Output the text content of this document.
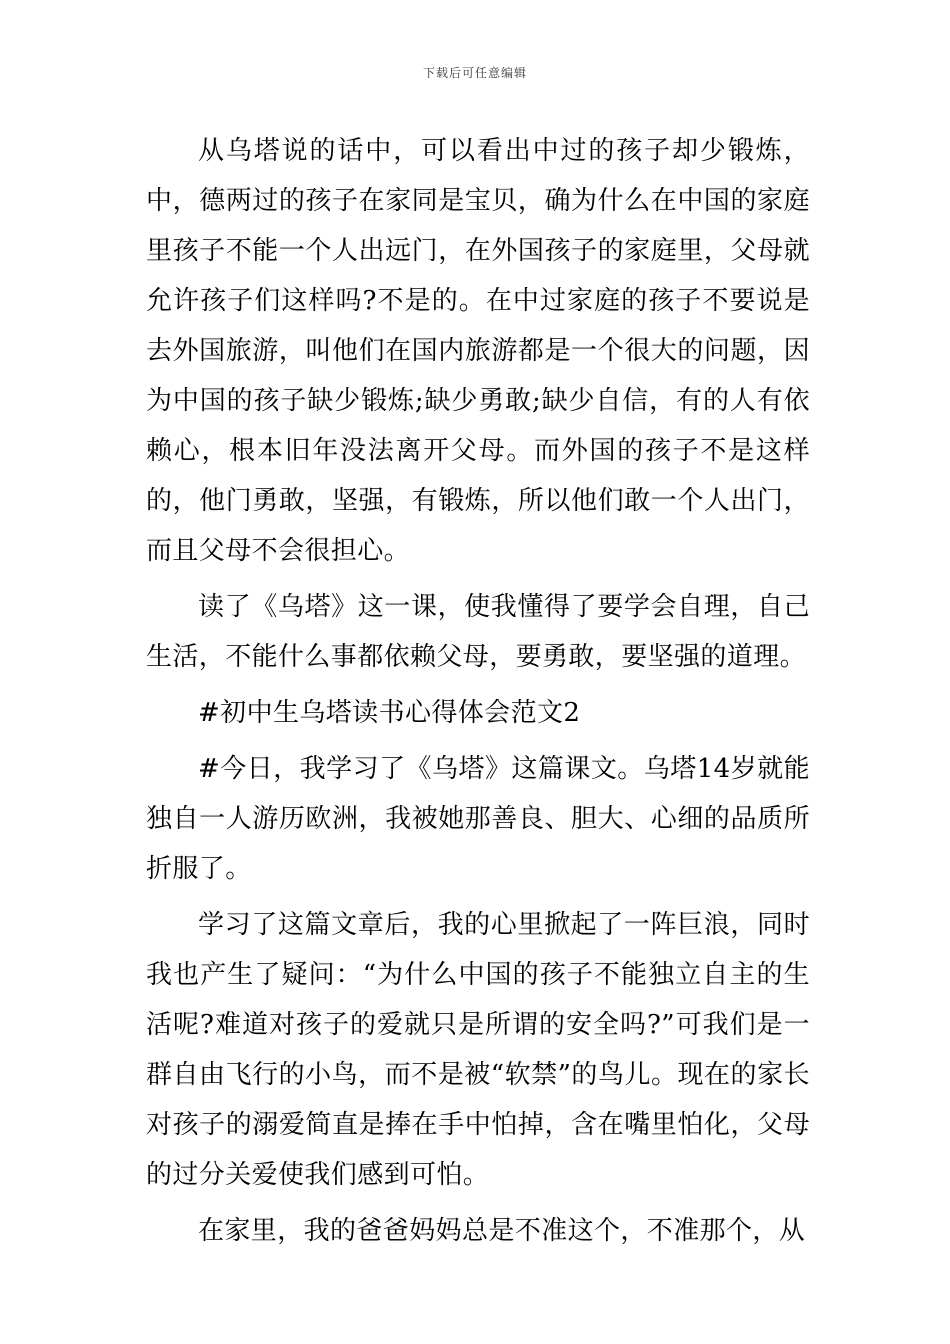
下载后可任意编辑

从乌塔说的话中，可以看出中过的孩子却少锻炼，中，德两过的孩子在家同是宝贝，确为什么在中国的家庭里孩子不能一个人出远门，在外国孩子的家庭里，父母就允许孩子们这样吗?不是的。在中过家庭的孩子不要说是去外国旅游，叫他们在国内旅游都是一个很大的问题，因为中国的孩子缺少锻炼;缺少勇敢;缺少自信，有的人有依赖心，根本旧年没法离开父母。而外国的孩子不是这样的，他门勇敢，坚强，有锻炼，所以他们敢一个人出门，而且父母不会很担心。

读了《乌塔》这一课，使我懂得了要学会自理，自己生活，不能什么事都依赖父母，要勇敢，要坚强的道理。

#初中生乌塔读书心得体会范文2

#今日，我学习了《乌塔》这篇课文。乌塔14岁就能独自一人游历欧洲，我被她那善良、胆大、心细的品质所折服了。

学习了这篇文章后，我的心里掀起了一阵巨浪，同时我也产生了疑问：“为什么中国的孩子不能独立自主的生活呢?难道对孩子的爱就只是所谓的安全吗?”可我们是一群自由飞行的小鸟，而不是被“软禁”的鸟儿。现在的家长对孩子的溺爱简直是捧在手中怕掉，含在嘴里怕化，父母的过分关爱使我们感到可怕。

在家里，我的爸爸妈妈总是不准这个，不准那个，从
